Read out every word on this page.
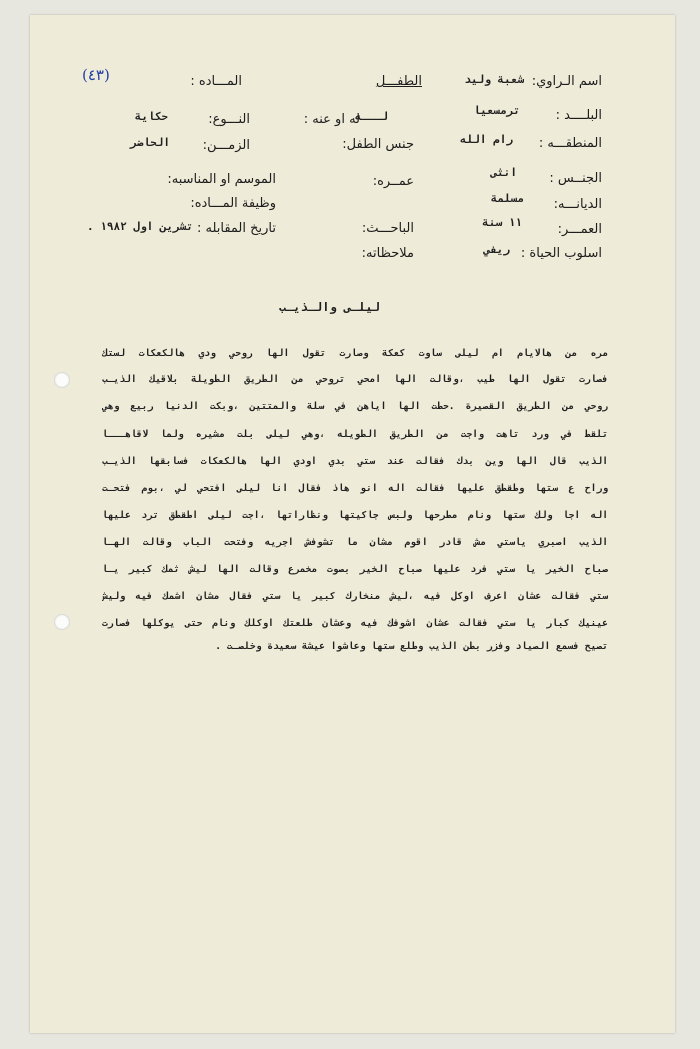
(٤٣)	اسم الـراوي:
شعبة وليد
البلــــد :
ترمسعيا
المنطقـــه :
رام الله
الجنــس :
انثى
الديانـــه:
مسلمة
العمـــر:
١١ سنة
اسلوب الحياة :
ريفي
الطفـــل
له او عنه :
لـــه
جنس الطفل:
عمــره:
الباحـــث:
ملاحظاته:
المـــاده :
النـــوع:
حكاية
الزمـــن:
الحاضر
الموسم او المناسبه:
وظيفة المـــاده:
تاريخ المقابله :
تشرين اول ١٩٨٢ .
ليلـى والـذيـب
مره من هالايام ام ليلى ساوت كعكة وصارت تقول الها روحي ودي هالكعكات لستك
فصارت تقول الها طيب ،وقالت الها امحي تروحي من الطريق الطويلة بلاقيك الذيـب
روحي من الطريق القصيرة .حطت الها اياهن في سلة والمتتين ،وبكت الدنيا ربيع وهي
تلقط في ورد تاهت واجت من الطريق الطويله ،وهي ليلى بلت مشيره ولما لاقاهـــا
الذيب قال الها وين بدك فقالت عند ستي بدي اودي الها هالكعكات فسابقها الذيـب
وراح ع ستها وطقطق عليها فقالت اله انو هاذ فقال انا ليلى افتحي لي ،بوم فتحـت
اله اجا ولك ستها ونام مطرحها ولبس جاكيتها ونظاراتها ،اجت ليلى اطقطق ترد عليها
الذيب اصبري ياستي مش قادر اقوم مشان ما تشوفش اجريه وفتحت الباب وقالت الهـا
صباح الخير يا ستي فرد عليها صباح الخير بصوت مخمرع وقالت الها ليش ثمك كبير يـا
ستي فقالت عشان اعرف اوكل فيه ،ليش منخارك كبير يا ستي فقال مشان اشمك فيه وليش
عينيك كبار يا ستي فقالت عشان اشوفك فيه وعشان طلعتك اوكلك ونام حتى يوكلها فصارت
تصيح فسمع الصياد وفزر بطن الذيب وطلع ستها وعاشوا عيشة سعيدة وخلصـت .
